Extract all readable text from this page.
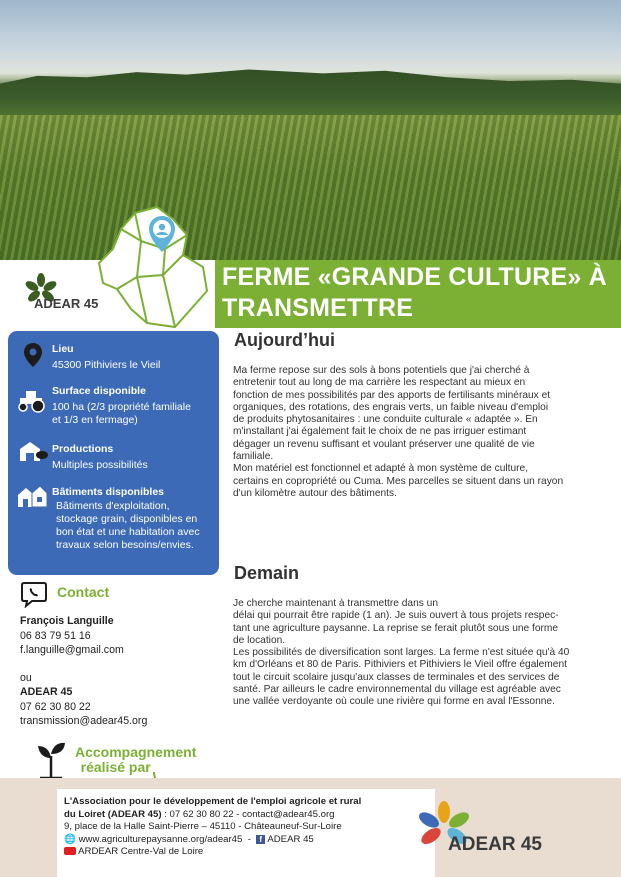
ADEAR 45
FERME «GRANDE CULTURE» À
TRANSMETTRE
Lieu
45300 Pithiviers le Vieil
Surface disponible
100 ha (2/3 propriété familiale
et 1/3 en fermage)
Productions
Multiples possibilités
Bâtiments disponibles
Bâtiments d'exploitation,
stockage grain, disponibles en
bon état et une habitation avec
travaux selon besoins/envies.
Aujourd’hui
Ma ferme repose sur des sols à bons potentiels que j'ai cherché à
entretenir tout au long de ma carrière les respectant au mieux en
fonction de mes possibilités par des apports de fertilisants minéraux et
organiques, des rotations, des engrais verts, un faible niveau d'emploi
de produits phytosanitaires : une conduite culturale « adaptée ». En
m'installant j'ai également fait le choix de ne pas irriguer estimant
dégager un revenu suffisant et voulant préserver une qualité de vie
familiale.
Mon matériel est fonctionnel et adapté à mon système de culture,
certains en copropriété ou Cuma. Mes parcelles se situent dans un rayon
d'un kilomètre autour des bâtiments.
Demain
Je cherche maintenant à transmettre dans un
délai qui pourrait être rapide (1 an). Je suis ouvert à tous projets respec-
tant une agriculture paysanne. La reprise se ferait plutôt sous une forme
de location.
Les possibilités de diversification sont larges. La ferme n'est située qu'à 40
km d'Orléans et 80 de Paris. Pithiviers et Pithiviers le Vieil offre également
tout le circuit scolaire jusqu'aux classes de terminales et des services de
santé. Par ailleurs le cadre environnemental du village est agréable avec
une vallée verdoyante où coule une rivière qui forme en aval l'Essonne.
Contact
François Languille
06 83 79 51 16
f.languille@gmail.com
ou
ADEAR 45
07 62 30 80 22
transmission@adear45.org
Accompagnement
réalisé par
L'Association pour le développement de l'emploi agricole et rural
du Loiret (ADEAR 45) : 07 62 30 80 22 - contact@adear45.org
9, place de la Halle Saint-Pierre – 45110 - Châteauneuf-Sur-Loire
🌐 www.agriculturepaysanne.org/adear45  -  f ADEAR 45
ARDEAR Centre-Val de Loire	ADEAR 45
